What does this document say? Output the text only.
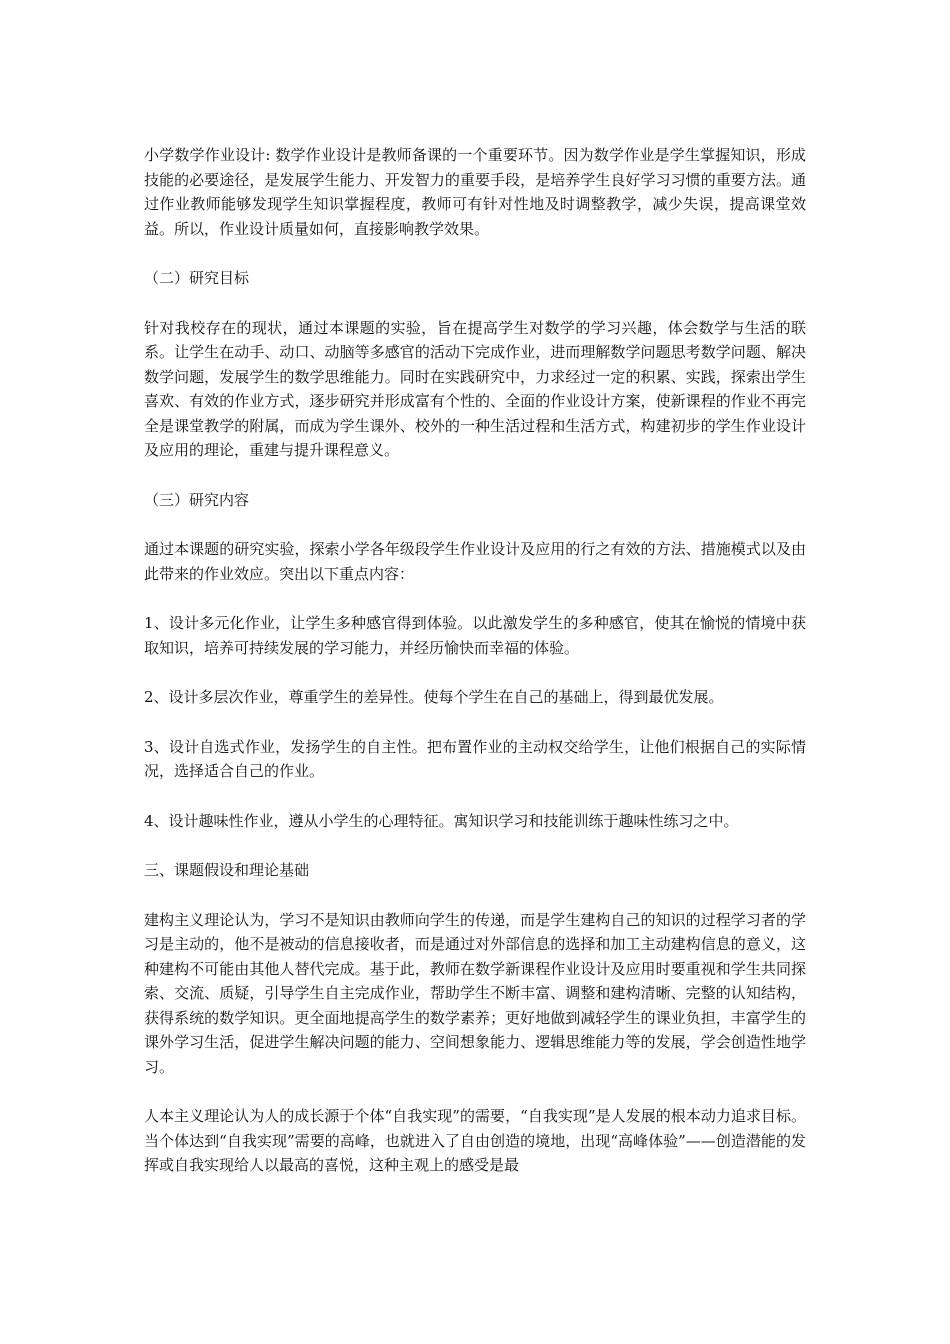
小学数学作业设计: 数学作业设计是教师备课的一个重要环节。因为数学作业是学生掌握知识，形成技能的必要途径，是发展学生能力、开发智力的重要手段，是培养学生良好学习习惯的重要方法。通过作业教师能够发现学生知识掌握程度，教师可有针对性地及时调整教学，减少失误，提高课堂效益。所以，作业设计质量如何，直接影响教学效果。

（二）研究目标

针对我校存在的现状，通过本课题的实验，旨在提高学生对数学的学习兴趣，体会数学与生活的联系。让学生在动手、动口、动脑等多感官的活动下完成作业，进而理解数学问题思考数学问题、解决数学问题，发展学生的数学思维能力。同时在实践研究中，力求经过一定的积累、实践，探索出学生喜欢、有效的作业方式，逐步研究并形成富有个性的、全面的作业设计方案，使新课程的作业不再完全是课堂教学的附属，而成为学生课外、校外的一种生活过程和生活方式，构建初步的学生作业设计及应用的理论，重建与提升课程意义。

（三）研究内容

通过本课题的研究实验，探索小学各年级段学生作业设计及应用的行之有效的方法、措施模式以及由此带来的作业效应。突出以下重点内容：

1、设计多元化作业，让学生多种感官得到体验。以此激发学生的多种感官，使其在愉悦的情境中获取知识，培养可持续发展的学习能力，并经历愉快而幸福的体验。

2、设计多层次作业，尊重学生的差异性。使每个学生在自己的基础上，得到最优发展。

3、设计自选式作业，发扬学生的自主性。把布置作业的主动权交给学生，让他们根据自己的实际情况，选择适合自己的作业。

4、设计趣味性作业，遵从小学生的心理特征。寓知识学习和技能训练于趣味性练习之中。

三、课题假设和理论基础

建构主义理论认为，学习不是知识由教师向学生的传递，而是学生建构自己的知识的过程学习者的学习是主动的，他不是被动的信息接收者，而是通过对外部信息的选择和加工主动建构信息的意义，这种建构不可能由其他人替代完成。基于此，教师在数学新课程作业设计及应用时要重视和学生共同探索、交流、质疑，引导学生自主完成作业，帮助学生不断丰富、调整和建构清晰、完整的认知结构，获得系统的数学知识。更全面地提高学生的数学素养；更好地做到减轻学生的课业负担，丰富学生的课外学习生活，促进学生解决问题的能力、空间想象能力、逻辑思维能力等的发展，学会创造性地学习。

人本主义理论认为人的成长源于个体“自我实现”的需要，“自我实现”是人发展的根本动力追求目标。当个体达到“自我实现”需要的高峰，也就进入了自由创造的境地，出现“高峰体验”——创造潜能的发挥或自我实现给人以最高的喜悦，这种主观上的感受是最
